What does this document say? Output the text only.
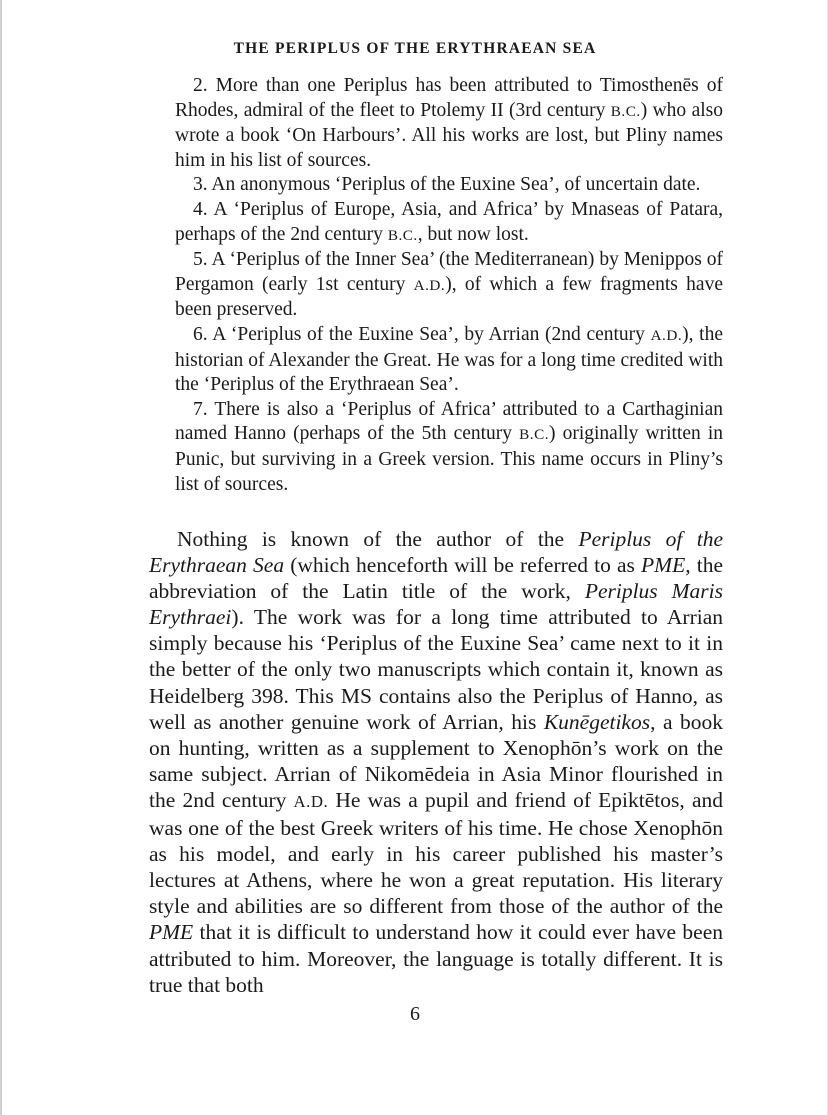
THE PERIPLUS OF THE ERYTHRAEAN SEA

2. More than one Periplus has been attributed to Timosthenēs of Rhodes, admiral of the fleet to Ptolemy II (3rd century B.C.) who also wrote a book ‘On Harbours’. All his works are lost, but Pliny names him in his list of sources.

3. An anonymous ‘Periplus of the Euxine Sea’, of uncertain date.

4. A ‘Periplus of Europe, Asia, and Africa’ by Mnaseas of Patara, perhaps of the 2nd century B.C., but now lost.

5. A ‘Periplus of the Inner Sea’ (the Mediterranean) by Menippos of Pergamon (early 1st century A.D.), of which a few fragments have been preserved.

6. A ‘Periplus of the Euxine Sea’, by Arrian (2nd century A.D.), the historian of Alexander the Great. He was for a long time credited with the ‘Periplus of the Erythraean Sea’.

7. There is also a ‘Periplus of Africa’ attributed to a Carthaginian named Hanno (perhaps of the 5th century B.C.) originally written in Punic, but surviving in a Greek version. This name occurs in Pliny’s list of sources.

Nothing is known of the author of the Periplus of the Erythraean Sea (which henceforth will be referred to as PME, the abbreviation of the Latin title of the work, Periplus Maris Erythraei). The work was for a long time attributed to Arrian simply because his ‘Periplus of the Euxine Sea’ came next to it in the better of the only two manuscripts which contain it, known as Heidelberg 398. This MS contains also the Periplus of Hanno, as well as another genuine work of Arrian, his Kunēgetikos, a book on hunting, written as a supplement to Xenophōn’s work on the same subject. Arrian of Nikomēdeia in Asia Minor flourished in the 2nd century A.D. He was a pupil and friend of Epiktētos, and was one of the best Greek writers of his time. He chose Xenophōn as his model, and early in his career published his master’s lectures at Athens, where he won a great reputation. His literary style and abilities are so different from those of the author of the PME that it is difficult to understand how it could ever have been attributed to him. Moreover, the language is totally different. It is true that both

6
